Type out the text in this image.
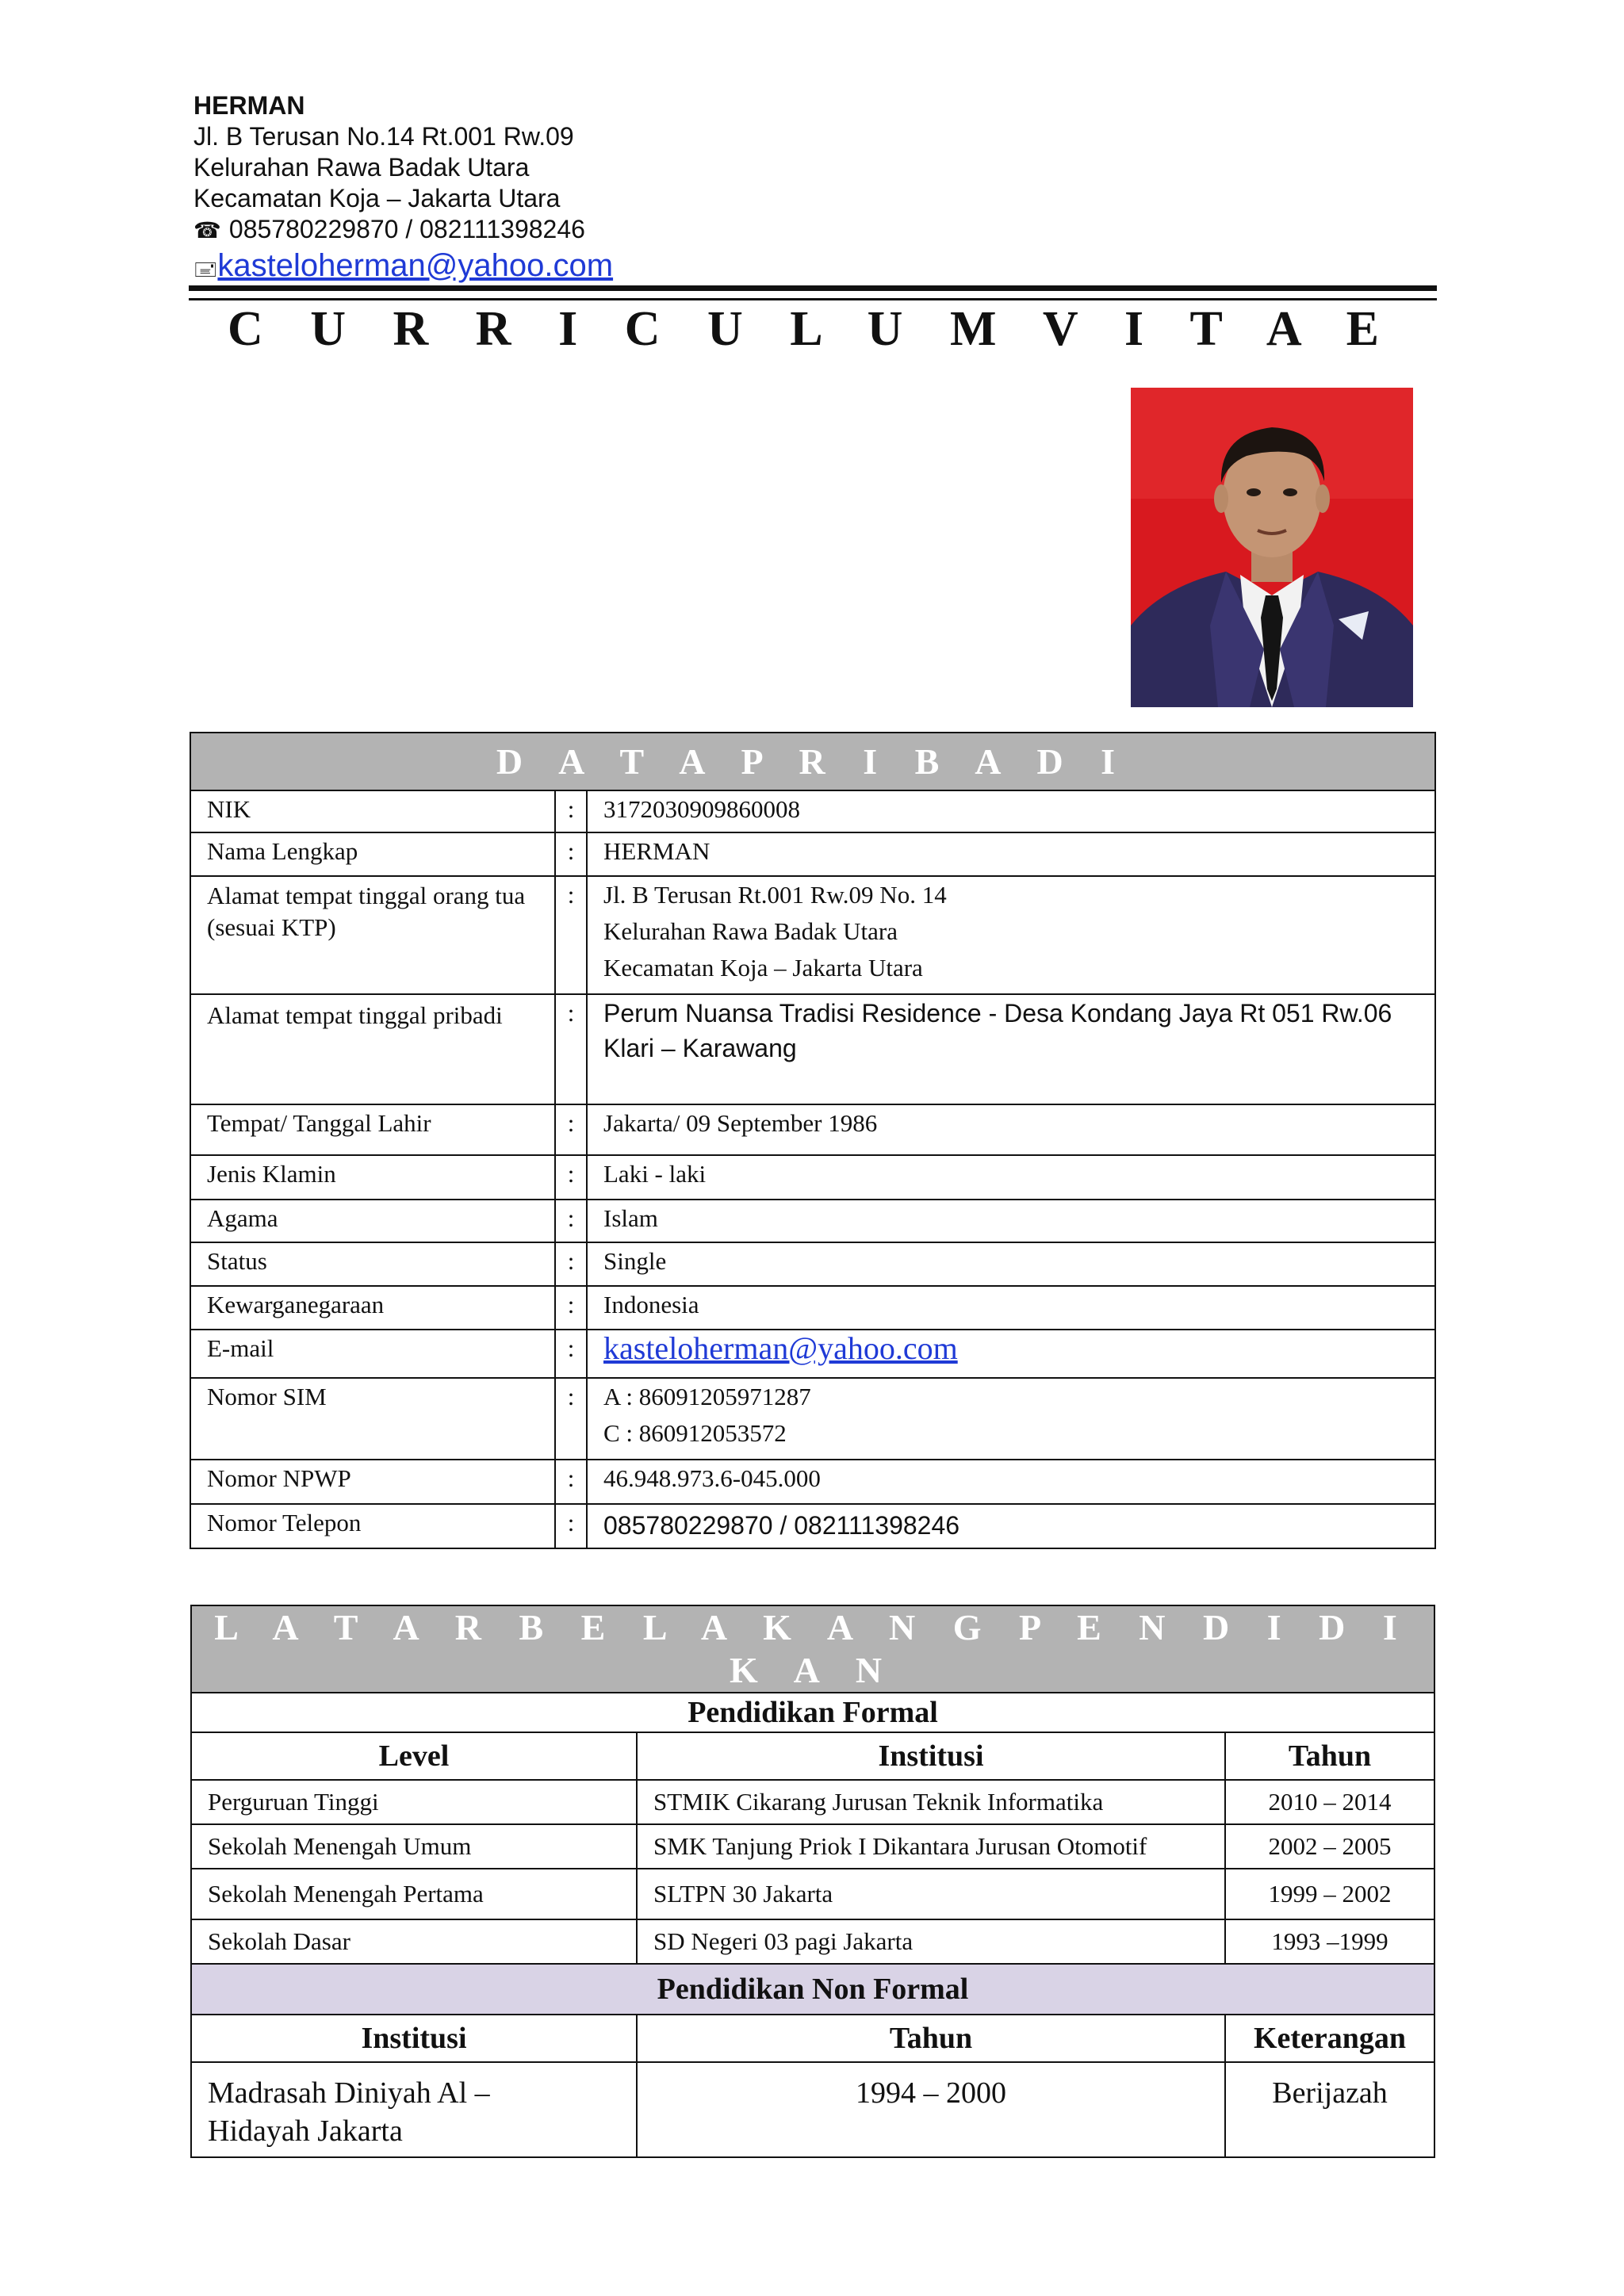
HERMAN
Jl. B Terusan No.14 Rt.001 Rw.09
Kelurahan Rawa Badak Utara
Kecamatan Koja – Jakarta Utara
☎ 085780229870 / 082111398246
🖃kasteloherman@yahoo.com
C U R R I C U L U M V I T A E
D A T A P R I B A D I		
NIK	:	3172030909860008
Nama Lengkap	:	HERMAN
Alamat tempat tinggal orang tua (sesuai KTP)	:	Jl. B Terusan Rt.001 Rw.09 No. 14
Kelurahan Rawa Badak Utara
Kecamatan Koja – Jakarta Utara

Alamat tempat tinggal pribadi	:	Perum Nuansa Tradisi Residence - Desa Kondang Jaya Rt 051 Rw.06
Klari – Karawang

Tempat/ Tanggal Lahir	:	Jakarta/ 09 September 1986
Jenis Klamin	:	Laki - laki
Agama	:	Islam
Status	:	Single
Kewarganegaraan	:	Indonesia
E-mail	:	kasteloherman@yahoo.com
Nomor SIM	:	A : 86091205971287
C : 860912053572

Nomor NPWP	:	46.948.973.6-045.000
Nomor Telepon	:	085780229870 / 082111398246
L A T A R B E L A K A N G P E N D I D I K A N		
Pendidikan Formal		
Level	Institusi	Tahun
Perguruan Tinggi	STMIK Cikarang Jurusan Teknik Informatika	2010 – 2014
Sekolah Menengah Umum	SMK Tanjung Priok I Dikantara Jurusan Otomotif	2002 – 2005
Sekolah Menengah Pertama	SLTPN 30 Jakarta	1999 – 2002
Sekolah Dasar	SD Negeri 03 pagi Jakarta	1993 –1999
Pendidikan Non Formal		
Institusi	Tahun	Keterangan
Madrasah Diniyah Al – Hidayah Jakarta	1994 – 2000	Berijazah
